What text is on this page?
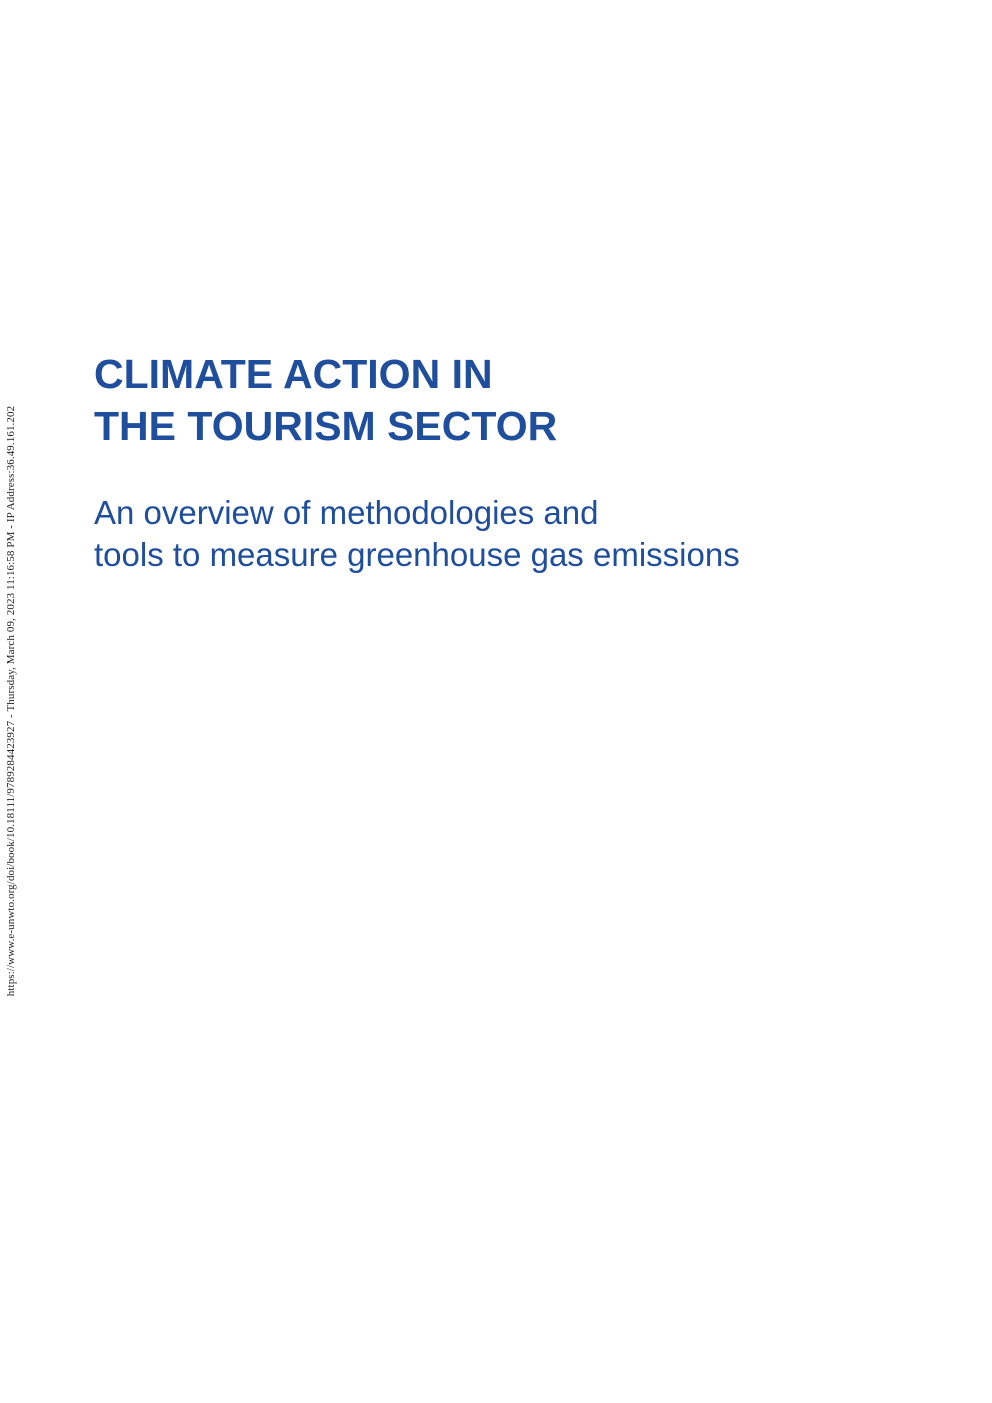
https://www.e-unwto.org/doi/book/10.18111/9789284423927 - Thursday, March 09, 2023 11:16:58 PM - IP Address:36.49.161.202
CLIMATE ACTION IN
THE TOURISM SECTOR
An overview of methodologies and
tools to measure greenhouse gas emissions
